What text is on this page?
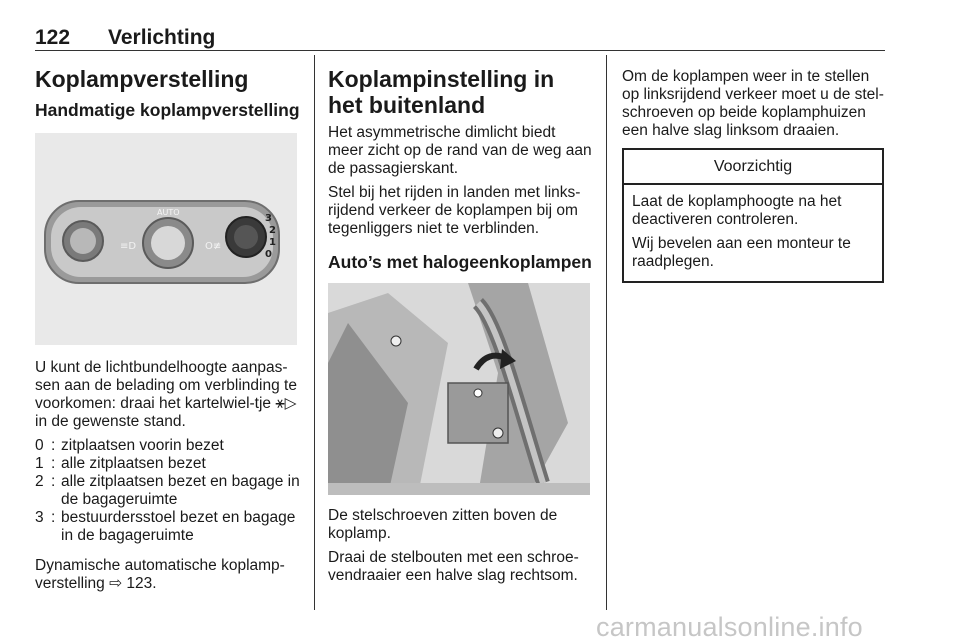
122 Verlichting
Koplampverstelling
Handmatige koplampverstelling
≡D	O≢
AUTO
3
2
1
0

U kunt de lichtbundelhoogte aanpas-sen aan de belading om verblinding te voorkomen: draai het kartelwiel-tje ⚹▷ in de gewenste stand.

0 : zitplaatsen voorin bezet
1 : alle zitplaatsen bezet
2 : alle zitplaatsen bezet en bagage in de bagageruimte
3 : bestuurdersstoel bezet en bagage in de bagageruimte

Dynamische automatische koplamp-verstelling ⇨ 123.

Koplampinstelling in het buitenland

Het asymmetrische dimlicht biedt meer zicht op de rand van de weg aan de passagierskant.

Stel bij het rijden in landen met links-rijdend verkeer de koplampen bij om tegenliggers niet te verblinden.

Auto’s met halogeenkoplampen

De stelschroeven zitten boven de koplamp.

Draai de stelbouten met een schroe-vendraaier een halve slag rechtsom.

Om de koplampen weer in te stellen op linksrijdend verkeer moet u de stel-schroeven op beide koplamphuizen een halve slag linksom draaien.

Voorzichtig

Laat de koplamphoogte na het deactiveren controleren.

Wij bevelen aan een monteur te raadplegen.

carmanualsonline.info
